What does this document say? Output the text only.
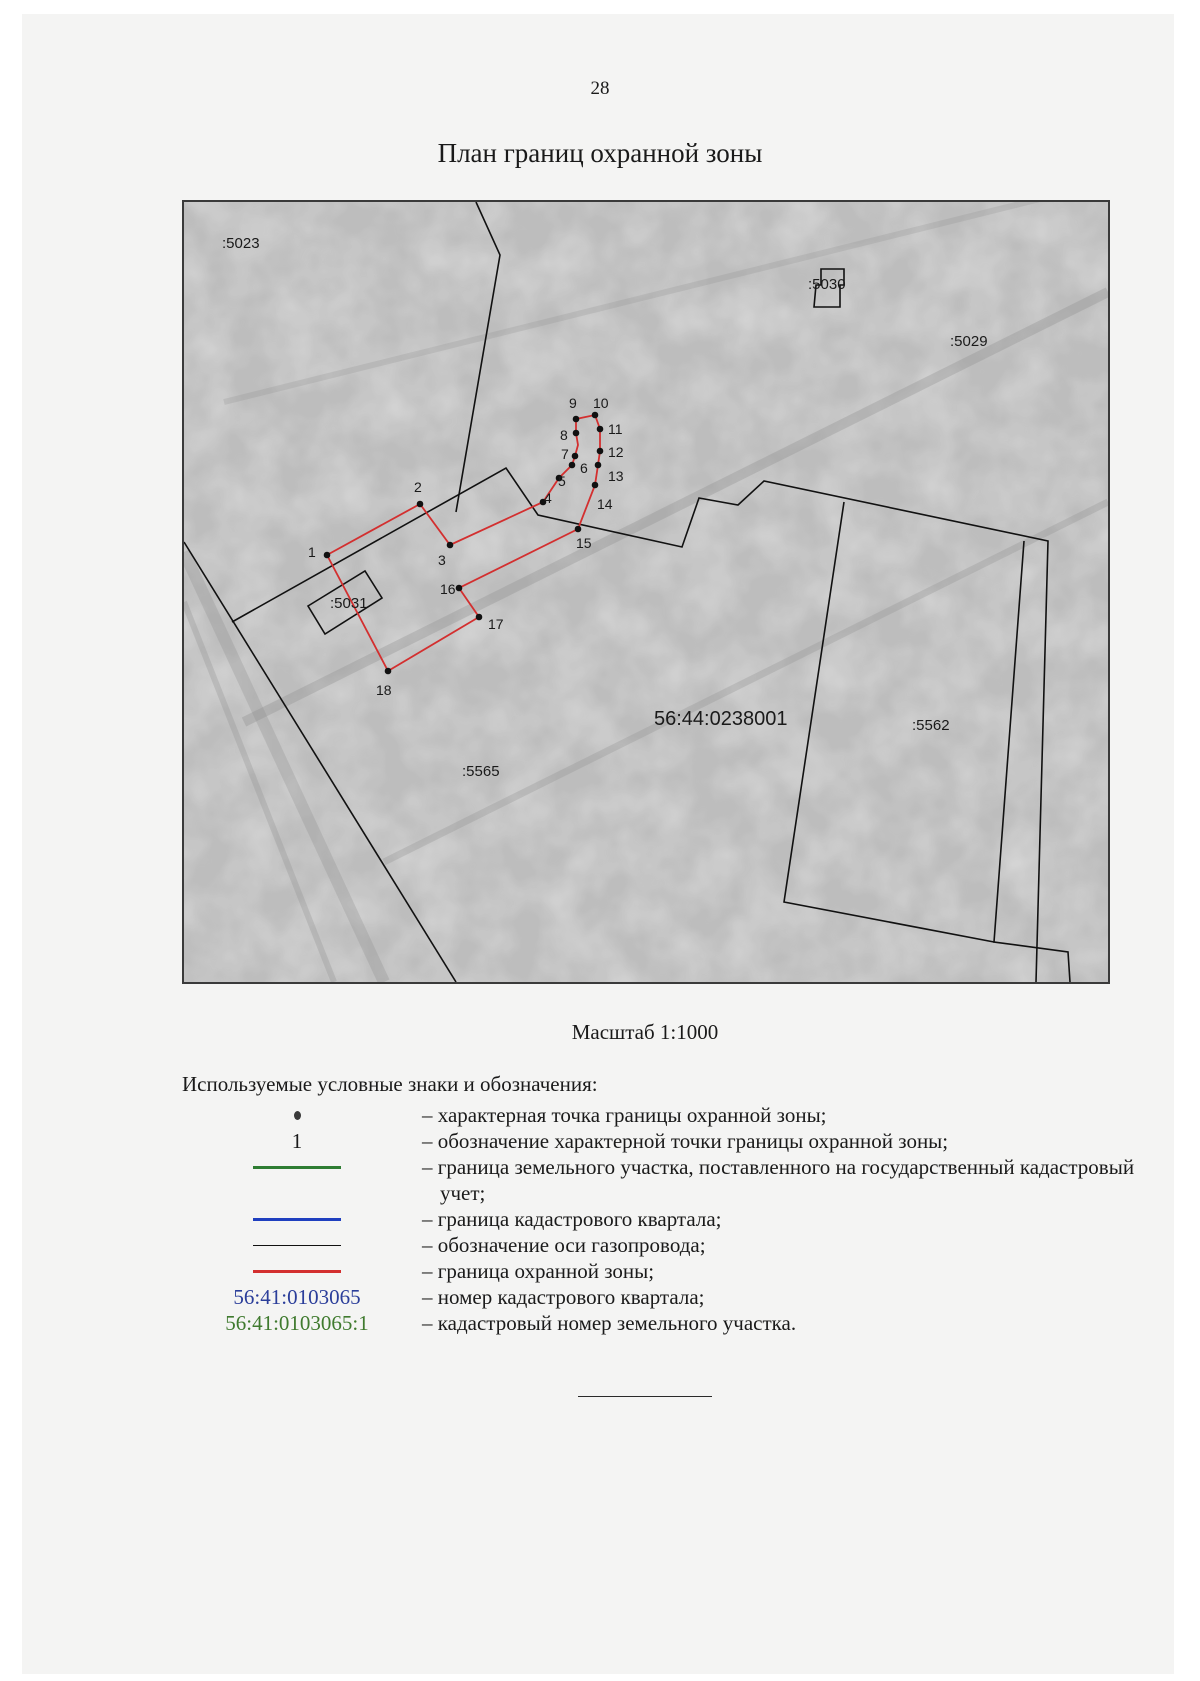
28
План границ охранной зоны
1
2
3
4
5
6
7
8
9 10
11
12
13
14
15
16
17
18
:5023
:5030
:5029
:5031
:5565
:5562
56:44:0238001
Масштаб 1:1000
Используемые условные знаки и обозначения:
– характерная точка границы охранной зоны;
1	– обозначение характерной точки границы охранной зоны;
– граница земельного участка, поставленного на государственный кадастровый учет;
– граница кадастрового квартала;
– обозначение оси газопровода;
– граница охранной зоны;
56:41:0103065	– номер кадастрового квартала;
56:41:0103065:1	– кадастровый номер земельного участка.
